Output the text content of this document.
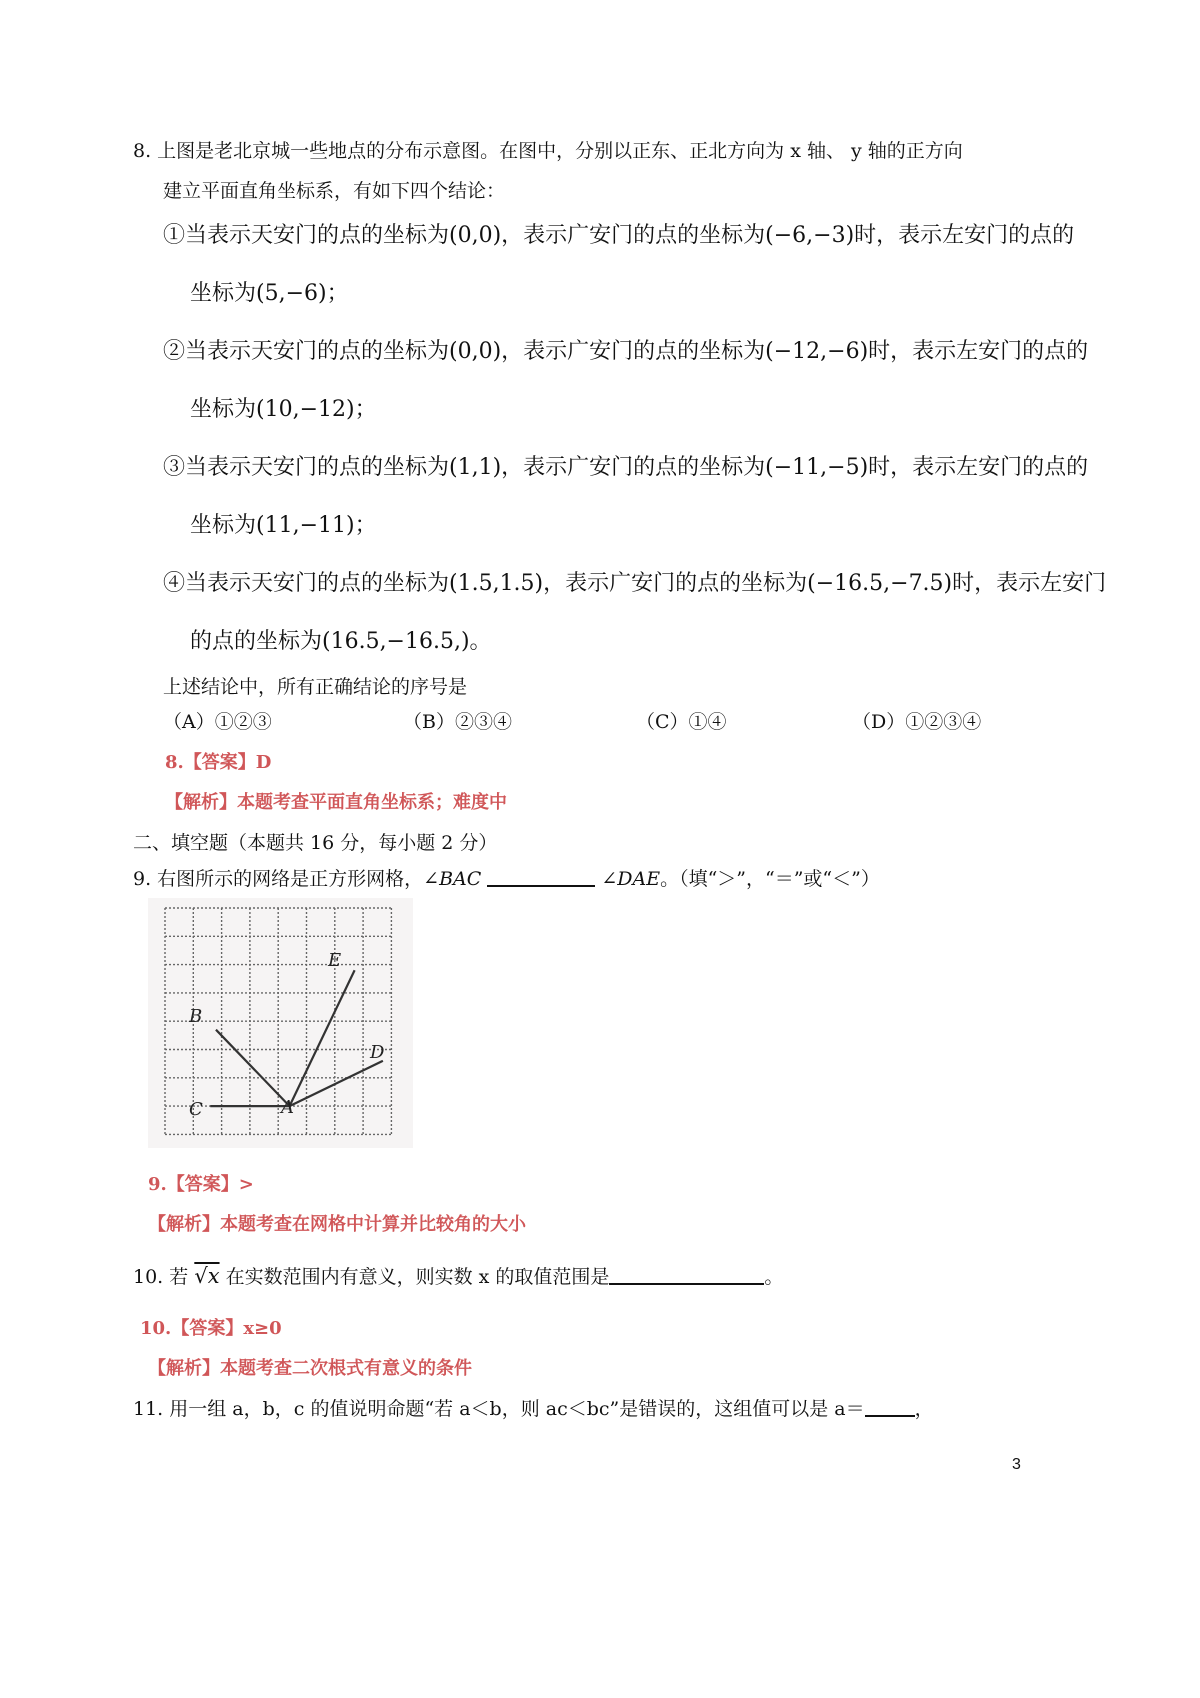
8. 上图是老北京城一些地点的分布示意图。在图中，分别以正东、正北方向为 x 轴、 y 轴的正方向
建立平面直角坐标系，有如下四个结论：
①当表示天安门的点的坐标为(0,0)，表示广安门的点的坐标为(−6,−3)时，表示左安门的点的
坐标为(5,−6)；
②当表示天安门的点的坐标为(0,0)，表示广安门的点的坐标为(−12,−6)时，表示左安门的点的
坐标为(10,−12)；
③当表示天安门的点的坐标为(1,1)，表示广安门的点的坐标为(−11,−5)时，表示左安门的点的
坐标为(11,−11)；
④当表示天安门的点的坐标为(1.5,1.5)，表示广安门的点的坐标为(−16.5,−7.5)时，表示左安门
的点的坐标为(16.5,−16.5,)。
上述结论中，所有正确结论的序号是
（A）①②③	（B）②③④	（C）①④	（D）①②③④
8.【答案】D
【解析】本题考查平面直角坐标系；难度中
二、填空题（本题共 16 分，每小题 2 分）
9. 右图所示的网络是正方形网格，∠BAC	∠DAE。（填“＞”，“＝”或“＜”）
E
B
D
C	A
9.【答案】>
【解析】本题考查在网格中计算并比较角的大小
10. 若 √x 在实数范围内有意义，则实数 x 的取值范围是	。
10.【答案】x≥0
【解析】本题考查二次根式有意义的条件
11. 用一组 a，b，c 的值说明命题“若 a＜b，则 ac＜bc”是错误的，这组值可以是 a＝	，
3
